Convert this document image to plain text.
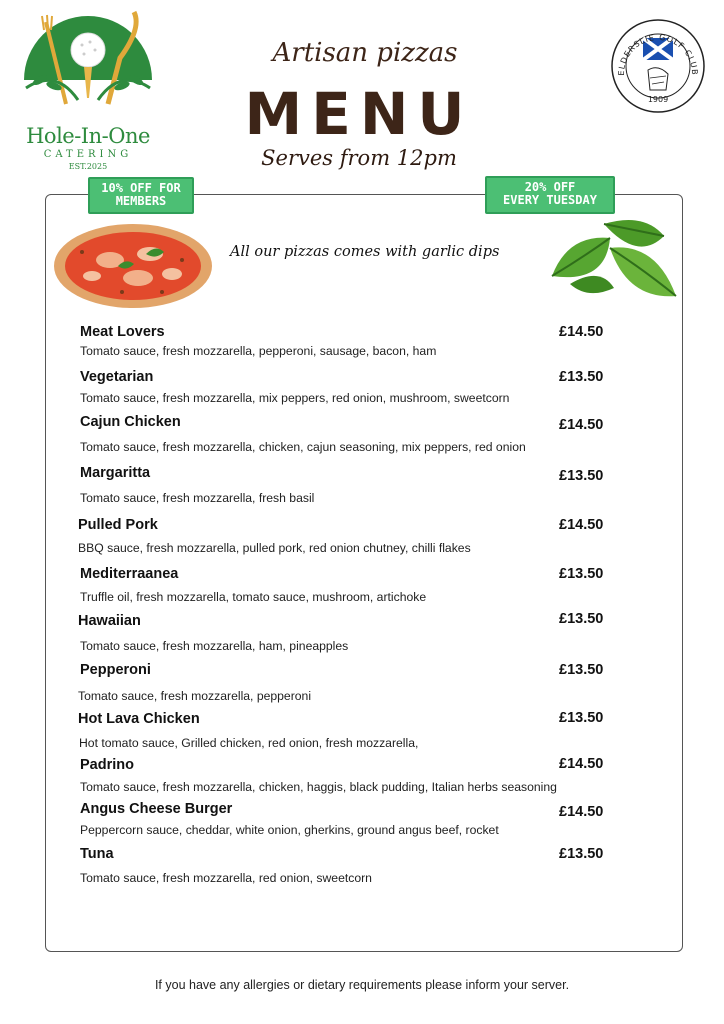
Hole-In-One
CATERING
EST.2025
1909
ELDERSLIE GOLF CLUB
Artisan pizzas
MENU
Serves from 12pm
10% OFF FOR
MEMBERS
20% OFF
EVERY TUESDAY
All our pizzas comes with garlic dips
Meat Lovers
Tomato sauce, fresh mozzarella, pepperoni, sausage, bacon, ham
£14.50
Vegetarian
Tomato sauce, fresh mozzarella, mix peppers, red onion, mushroom, sweetcorn
£13.50
Cajun Chicken
Tomato sauce, fresh mozzarella, chicken, cajun seasoning, mix peppers, red onion
£14.50
Margaritta
Tomato sauce, fresh mozzarella, fresh basil
£13.50
Pulled Pork
BBQ sauce, fresh mozzarella, pulled pork, red onion chutney, chilli flakes
£14.50
Mediterraanea
Truffle oil, fresh mozzarella, tomato sauce, mushroom, artichoke
£13.50
Hawaiian
Tomato sauce, fresh mozzarella, ham, pineapples
£13.50
Pepperoni
Tomato sauce, fresh mozzarella, pepperoni
£13.50
Hot Lava Chicken
Hot tomato sauce, Grilled chicken, red onion, fresh mozzarella,
£13.50
Padrino
Tomato sauce, fresh mozzarella, chicken, haggis, black pudding, Italian herbs seasoning
£14.50
Angus Cheese Burger
Peppercorn sauce, cheddar, white onion, gherkins, ground angus beef, rocket
£14.50
Tuna
Tomato sauce, fresh mozzarella, red onion, sweetcorn
£13.50
If you have any allergies or dietary requirements please inform your server.
